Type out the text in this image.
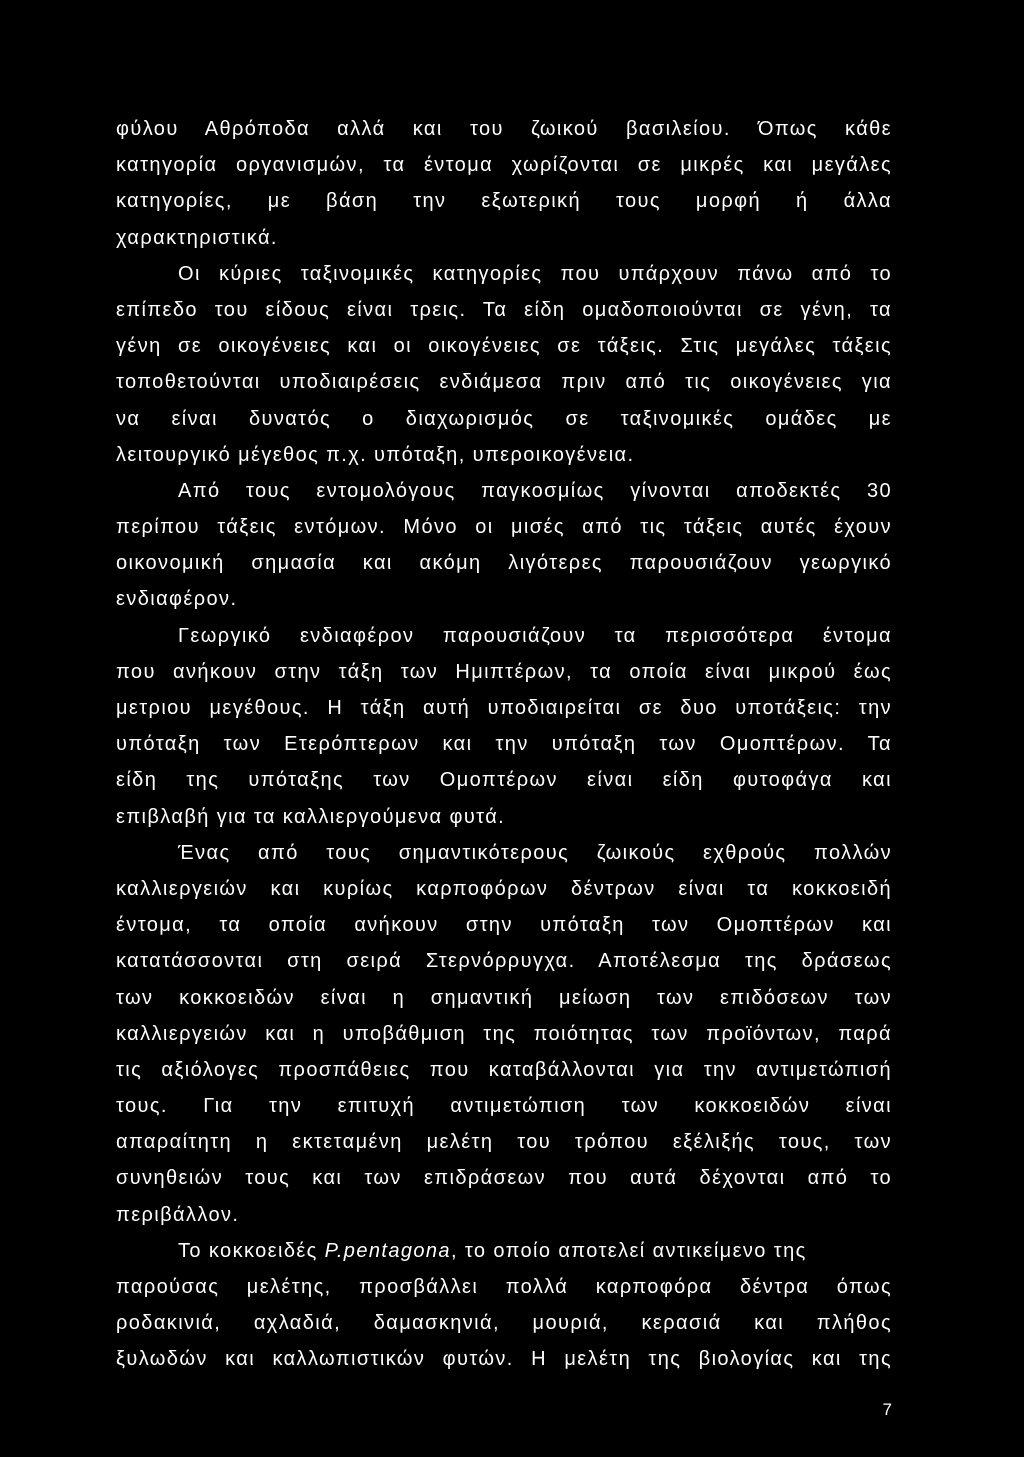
φύλου Αθρόποδα αλλά και του ζωικού βασιλείου. Όπως κάθε
κατηγορία οργανισμών, τα έντομα χωρίζονται σε μικρές και μεγάλες
κατηγορίες, με βάση την εξωτερική τους μορφή ή άλλα
χαρακτηριστικά.
Οι κύριες ταξινομικές κατηγορίες που υπάρχουν πάνω από το
επίπεδο του είδους είναι τρεις. Τα είδη ομαδοποιούνται σε γένη, τα
γένη σε οικογένειες και οι οικογένειες σε τάξεις. Στις μεγάλες τάξεις
τοποθετούνται υποδιαιρέσεις ενδιάμεσα πριν από τις οικογένειες για
να είναι δυνατός ο διαχωρισμός σε ταξινομικές ομάδες με
λειτουργικό μέγεθος π.χ. υπόταξη, υπεροικογένεια.
Από τους εντομολόγους παγκοσμίως γίνονται αποδεκτές 30
περίπου τάξεις εντόμων. Μόνο οι μισές από τις τάξεις αυτές έχουν
οικονομική σημασία και ακόμη λιγότερες παρουσιάζουν γεωργικό
ενδιαφέρον.
Γεωργικό ενδιαφέρον παρουσιάζουν τα περισσότερα έντομα
που ανήκουν στην τάξη των Ημιπτέρων, τα οποία είναι μικρού έως
μετριου μεγέθους. Η τάξη αυτή υποδιαιρείται σε δυο υποτάξεις: την
υπόταξη των Ετερόπτερων και την υπόταξη των Ομοπτέρων. Τα
είδη της υπόταξης των Ομοπτέρων είναι είδη φυτοφάγα και
επιβλαβή για τα καλλιεργούμενα φυτά.
Ένας από τους σημαντικότερους ζωικούς εχθρούς πολλών
καλλιεργειών και κυρίως καρποφόρων δέντρων είναι τα κοκκοειδή
έντομα, τα οποία ανήκουν στην υπόταξη των Ομοπτέρων και
κατατάσσονται στη σειρά Στερνόρρυγχα. Αποτέλεσμα της δράσεως
των κοκκοειδών είναι η σημαντική μείωση των επιδόσεων των
καλλιεργειών και η υποβάθμιση της ποιότητας των προϊόντων, παρά
τις αξιόλογες προσπάθειες που καταβάλλονται για την αντιμετώπισή
τους. Για την επιτυχή αντιμετώπιση των κοκκοειδών είναι
απαραίτητη η εκτεταμένη μελέτη του τρόπου εξέλιξής τους, των
συνηθειών τους και των επιδράσεων που αυτά δέχονται από το
περιβάλλον.
Το κοκκοειδές P.pentagona, το οποίο αποτελεί αντικείμενο της
παρούσας μελέτης, προσβάλλει πολλά καρποφόρα δέντρα όπως
ροδακινιά, αχλαδιά, δαμασκηνιά, μουριά, κερασιά και πλήθος
ξυλωδών και καλλωπιστικών φυτών. Η μελέτη της βιολογίας και της
7
